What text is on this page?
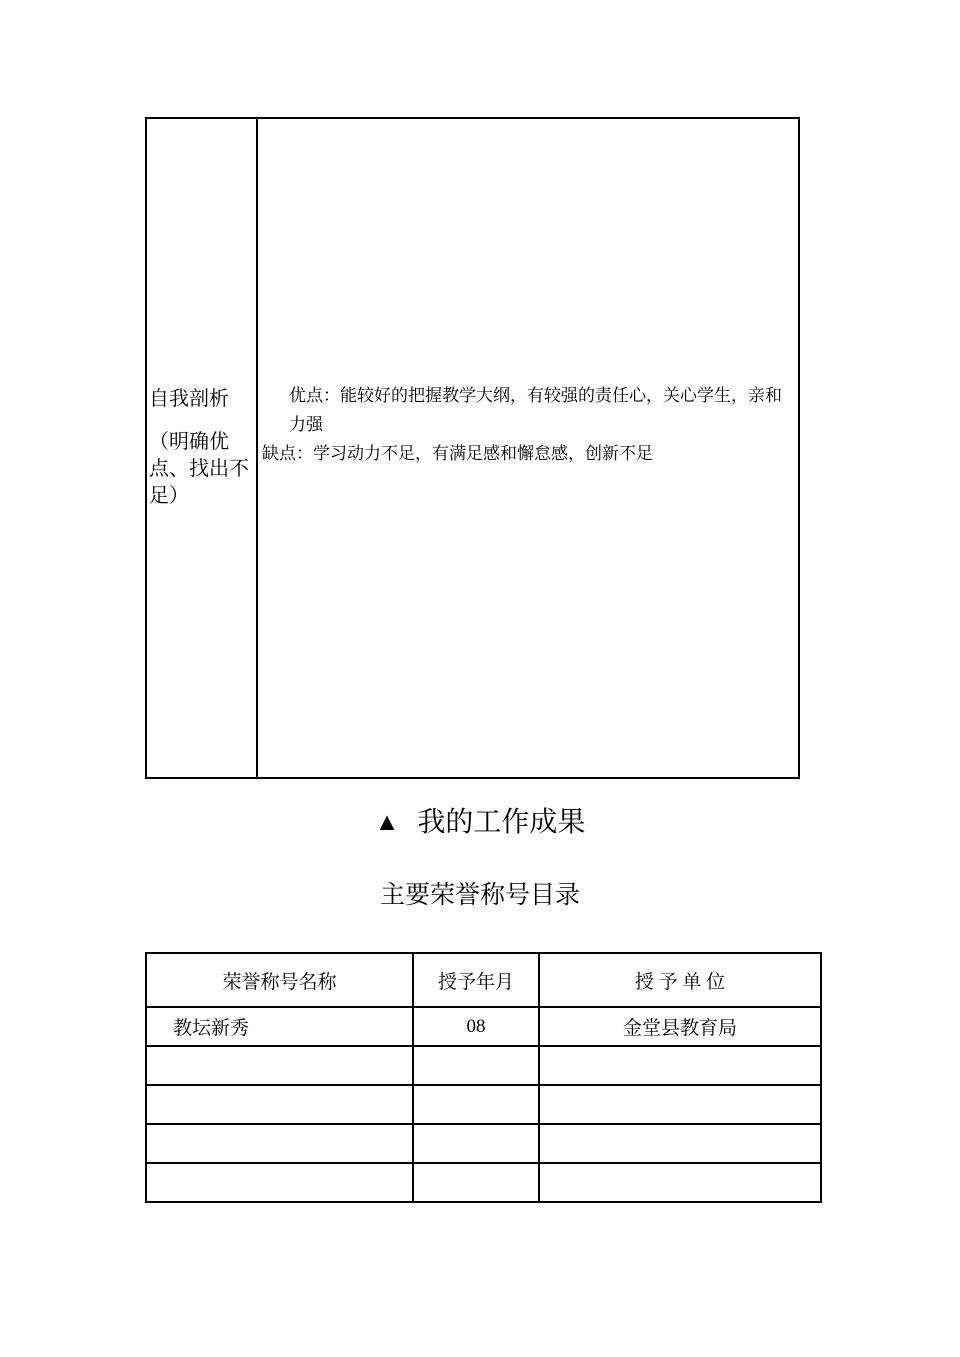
自我剖析
（明确优点、找出不足）

优点：能较好的把握教学大纲，有较强的责任心，关心学生，亲和力强
缺点：学习动力不足，有满足感和懈怠感，创新不足
▲ 我的工作成果
主要荣誉称号目录
荣誉称号名称	授予年月	授 予 单 位
教坛新秀	08	金堂县教育局
